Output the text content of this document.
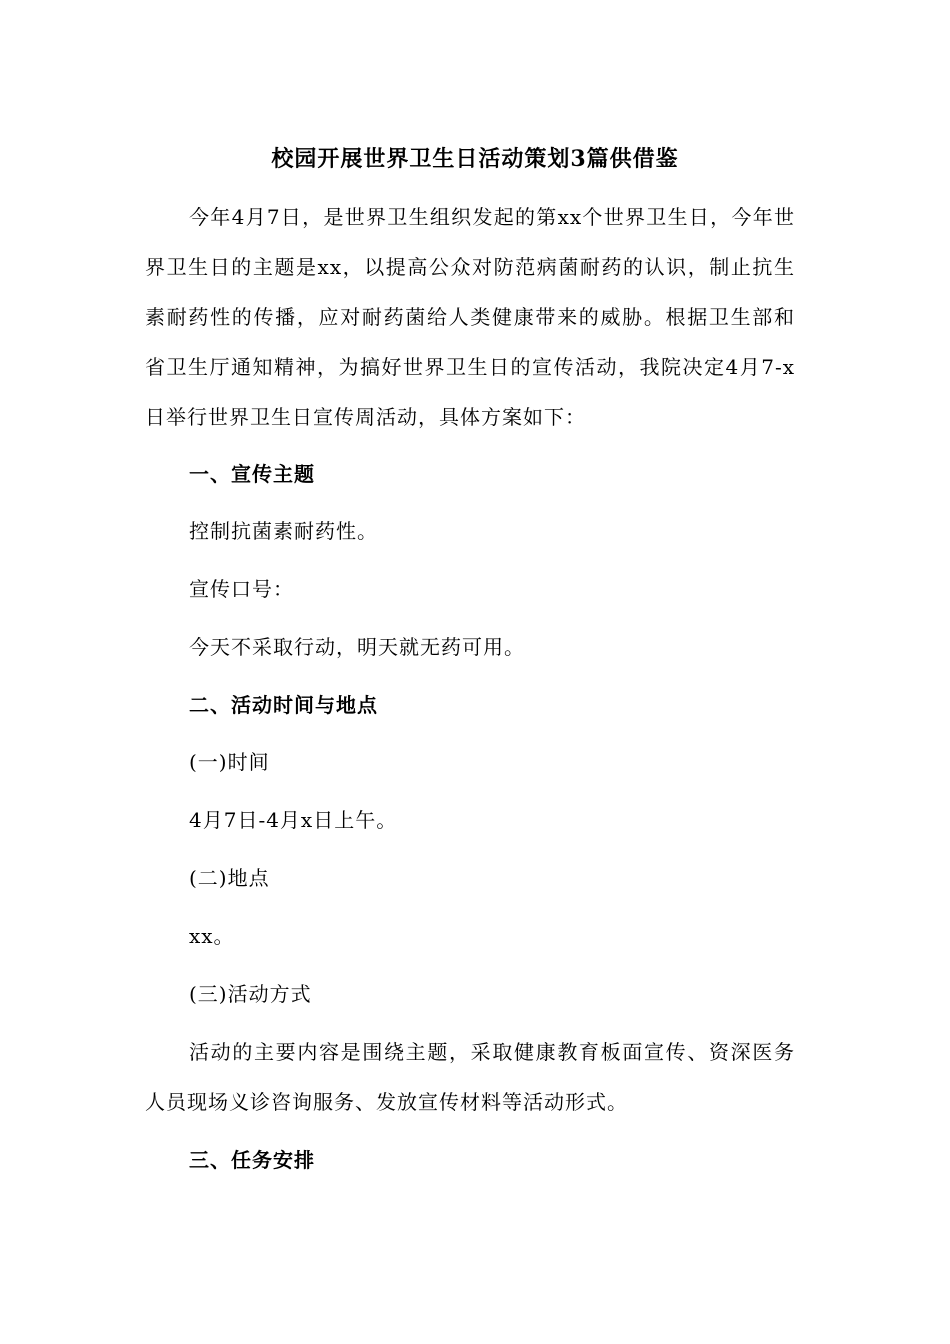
校园开展世界卫生日活动策划3篇供借鉴
今年4月7日，是世界卫生组织发起的第xx个世界卫生日，今年世界卫生日的主题是xx，以提高公众对防范病菌耐药的认识，制止抗生素耐药性的传播，应对耐药菌给人类健康带来的威胁。根据卫生部和省卫生厅通知精神，为搞好世界卫生日的宣传活动，我院决定4月7-x日举行世界卫生日宣传周活动，具体方案如下：
一、宣传主题
控制抗菌素耐药性。
宣传口号：
今天不采取行动，明天就无药可用。
二、活动时间与地点
(一)时间
4月7日-4月x日上午。
(二)地点
xx。
(三)活动方式
活动的主要内容是围绕主题，采取健康教育板面宣传、资深医务人员现场义诊咨询服务、发放宣传材料等活动形式。
三、任务安排
